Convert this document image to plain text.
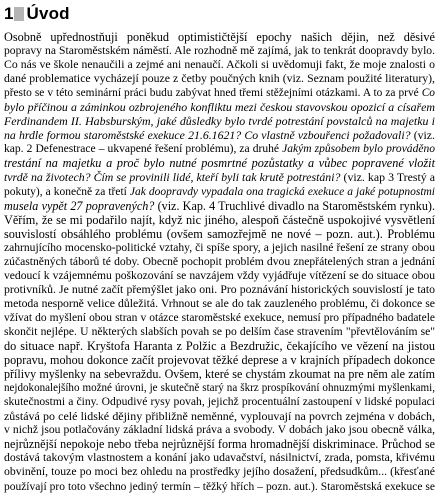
1 Úvod
Osobně upřednostňuji poněkud optimističtější epochy našich dějin, než děsivé
popravy na Staroměstském náměstí. Ale rozhodně mě zajímá, jak to tenkrát doopravdy bylo.
Co nás ve škole nenaučili a zejmé ani nenaučí. Ačkoli si uvědomuji fakt, že moje znalosti o
dané problematice vycházejí pouze z četby poučných knih (viz. Seznam použité literatury),
přesto se v této seminární práci budu zabývat hned třemi stěžejními otázkami. A to za prvé Co
bylo příčinou a záminkou ozbrojeného konfliktu mezi českou stavovskou opozicí a císařem
Ferdinandem II. Habsburským, jaké důsledky bylo tvrdé potrestání povstalců na majetku i
na hrdle formou staroměstské exekuce 21.6.1621? Co vlastně vzbouřenci požadovali? (viz.
kap. 2 Defenestrace – ukvapené řešení problému), za druhé Jakým způsobem bylo prováděno
trestání na majetku a proč bylo nutné posmrtné pozůstatky a vůbec popravené vložit
tvrdě na životech? Čím se provinili lidé, kteří byli tak krutě potrestáni? (viz. kap 3 Trestý a
pokuty), a konečně za třetí Jak doopravdy vypadala ona tragická exekuce a jaké potupnostmi
musela vypět 27 popravených? (viz. Kap. 4 Truchlivé divadlo na Staroměstském rynku).
Věřím, že se mi podařilo najít, když nic jiného, alespoň částečně uspokojivé vysvětlení
souvislostí obsáhlého problému (ovšem samozřejmě ne nové – pozn. aut.). Problému
zahrnujícího mocensko-politické vztahy, či spíše spory, a jejich nasilné řešení ze strany obou
zúčastněných táborů té doby. Obecně pochopit problém dvou znepřátelených stran a jednání
vedoucí k vzájemnému poškozování se navzájem vždy vyjádřuje vítězení se do situace obou
protivníků. Je nutné začít přemýšlet jako oni. Pro poznávání historických souvislostí je tato
metoda nesporně velice důležitá. Vrhnout se ale do tak zauzleného problému, či dokonce se
vžívat do myšlení obou stran v otázce staroměstské exekuce, nemusí pro případného badatele
skončit nejlépe. U některých slabších povah se po delším čase stravením "převtělováním se"
do situace např. Kryštofa Haranta z Polžic a Bezdružic, čekajícího ve vězení na jistou
popravu, mohou dokonce začít projevovat těžké deprese a v krajních případech dokonce
přílivy myšlenky na sebevraždu. Ovšem, které se chystám zkoumat na pre něm ale zatím
nejdokonalejšího možné úrovni, je skutečně starý na škrz prospíkování ohnuzmými myšlenkami,
skutečnostmi a činy. Odpudivé rysy povah, jejichž procentuální zastoupení v lidské populaci
zůstává po celé lidské dějiny přibližně neměnné, vyplouvají na povrch zejména v dobách,
v nichž jsou potlačovány základní lidská práva a svobody. V dobách jako jsou obecně válka,
nejrůznější nepokoje nebo třeba nejrůznější forma hromadnější diskriminace. Průchod se
dostává takovým vlastnostem a konání jako udavačství, násilnictví, zrada, pomsta, křivému
obvinění, touze po moci bez ohledu na prostředky jejího dosažení, předsudkům... (křesťané
používají pro toto všechno jediný termín – těžký hřích – pozn. aut.). Staroměstská exekuce se
